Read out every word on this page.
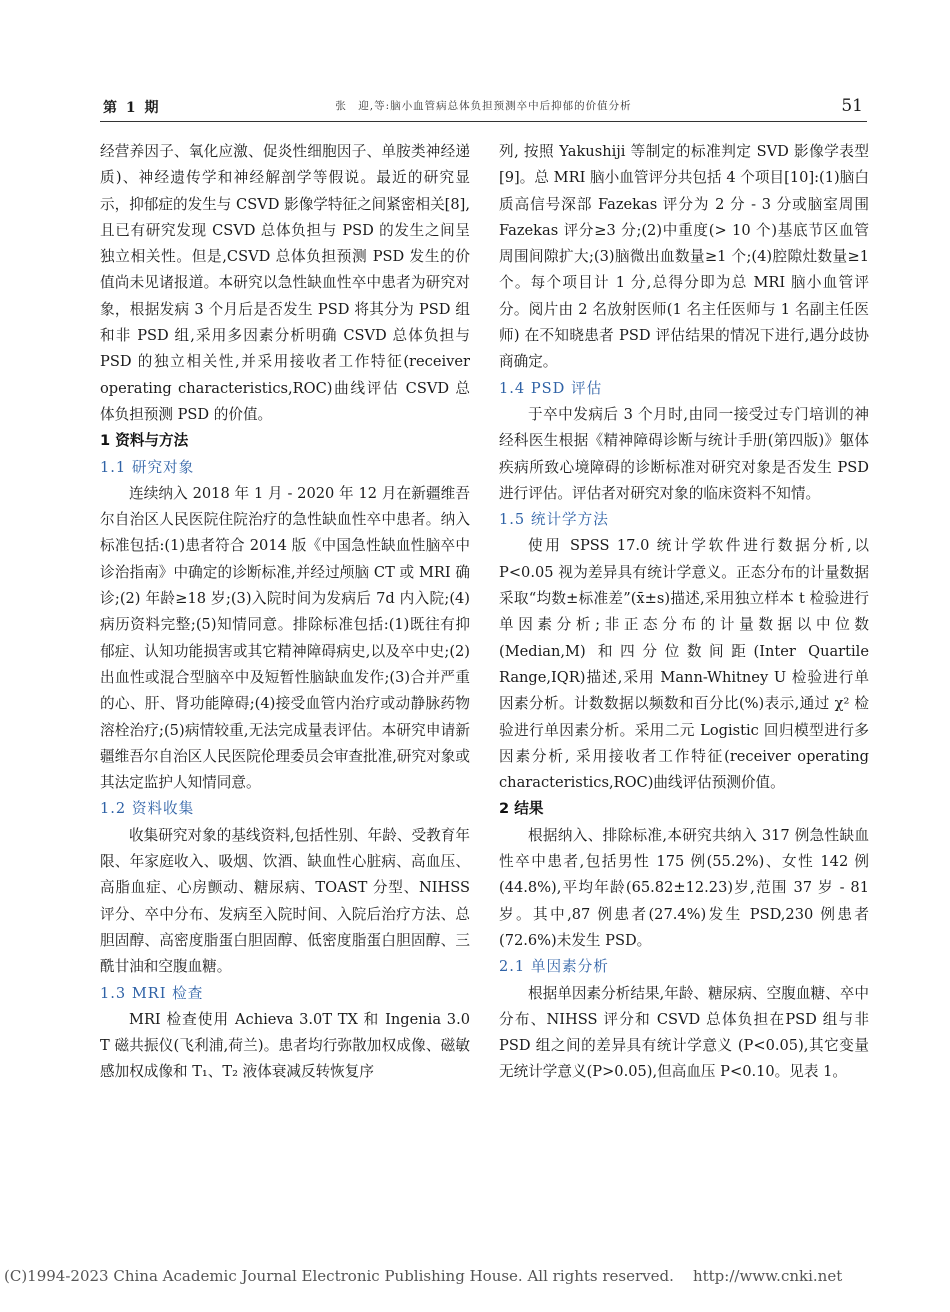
第 1 期	张　迎,等:脑小血管病总体负担预测卒中后抑郁的价值分析	51

经营养因子、氧化应激、促炎性细胞因子、单胺类神经递质)、神经遗传学和神经解剖学等假说。最近的研究显示，抑郁症的发生与 CSVD 影像学特征之间紧密相关[8],且已有研究发现 CSVD 总体负担与 PSD 的发生之间呈独立相关性。但是,CSVD 总体负担预测 PSD 发生的价值尚未见诸报道。本研究以急性缺血性卒中患者为研究对象，根据发病 3 个月后是否发生 PSD 将其分为 PSD 组和非 PSD 组,采用多因素分析明确 CSVD 总体负担与 PSD 的独立相关性,并采用接收者工作特征(receiver operating characteristics,ROC)曲线评估 CSVD 总体负担预测 PSD 的价值。

1 资料与方法
1.1 研究对象

连续纳入 2018 年 1 月 - 2020 年 12 月在新疆维吾尔自治区人民医院住院治疗的急性缺血性卒中患者。纳入标准包括:(1)患者符合 2014 版《中国急性缺血性脑卒中诊治指南》中确定的诊断标准,并经过颅脑 CT 或 MRI 确诊;(2) 年龄≥18 岁;(3)入院时间为发病后 7d 内入院;(4) 病历资料完整;(5)知情同意。排除标准包括:(1)既往有抑郁症、认知功能损害或其它精神障碍病史,以及卒中史;(2)出血性或混合型脑卒中及短暂性脑缺血发作;(3)合并严重的心、肝、肾功能障碍;(4)接受血管内治疗或动静脉药物溶栓治疗;(5)病情较重,无法完成量表评估。本研究申请新疆维吾尔自治区人民医院伦理委员会审查批准,研究对象或其法定监护人知情同意。

1.2 资料收集

收集研究对象的基线资料,包括性别、年龄、受教育年限、年家庭收入、吸烟、饮酒、缺血性心脏病、高血压、高脂血症、心房颤动、糖尿病、TOAST 分型、NIHSS 评分、卒中分布、发病至入院时间、入院后治疗方法、总胆固醇、高密度脂蛋白胆固醇、低密度脂蛋白胆固醇、三酰甘油和空腹血糖。

1.3 MRI 检查

MRI 检查使用 Achieva 3.0T TX 和 Ingenia 3.0 T 磁共振仪(飞利浦,荷兰)。患者均行弥散加权成像、磁敏感加权成像和 T₁、T₂ 液体衰减反转恢复序

列, 按照 Yakushiji 等制定的标准判定 SVD 影像学表型[9]。总 MRI 脑小血管评分共包括 4 个项目[10]:(1)脑白质高信号深部 Fazekas 评分为 2 分 - 3 分或脑室周围 Fazekas 评分≥3 分;(2)中重度(> 10 个)基底节区血管周围间隙扩大;(3)脑微出血数量≥1 个;(4)腔隙灶数量≥1 个。每个项目计 1 分,总得分即为总 MRI 脑小血管评分。阅片由 2 名放射医师(1 名主任医师与 1 名副主任医师) 在不知晓患者 PSD 评估结果的情况下进行,遇分歧协商确定。

1.4 PSD 评估

于卒中发病后 3 个月时,由同一接受过专门培训的神经科医生根据《精神障碍诊断与统计手册(第四版)》躯体疾病所致心境障碍的诊断标准对研究对象是否发生 PSD 进行评估。评估者对研究对象的临床资料不知情。

1.5 统计学方法

使用 SPSS 17.0 统计学软件进行数据分析,以 P<0.05 视为差异具有统计学意义。正态分布的计量数据采取“均数±标准差”(x̄±s)描述,采用独立样本 t 检验进行单因素分析;非正态分布的计量数据以中位数 (Median,M) 和四分位数间距(Inter Quartile Range,IQR)描述,采用 Mann-Whitney U 检验进行单因素分析。计数数据以频数和百分比(%)表示,通过 χ² 检验进行单因素分析。采用二元 Logistic 回归模型进行多因素分析, 采用接收者工作特征(receiver operating characteristics,ROC)曲线评估预测价值。

2 结果

根据纳入、排除标准,本研究共纳入 317 例急性缺血性卒中患者,包括男性 175 例(55.2%)、女性 142 例(44.8%),平均年龄(65.82±12.23)岁,范围 37 岁 - 81 岁。其中,87 例患者(27.4%)发生 PSD,230 例患者(72.6%)未发生 PSD。

2.1 单因素分析

根据单因素分析结果,年龄、糖尿病、空腹血糖、卒中分布、NIHSS 评分和 CSVD 总体负担在PSD 组与非 PSD 组之间的差异具有统计学意义 (P<0.05),其它变量无统计学意义(P>0.05),但高血压 P<0.10。见表 1。

(C)1994-2023 China Academic Journal Electronic Publishing House. All rights reserved.    http://www.cnki.net
